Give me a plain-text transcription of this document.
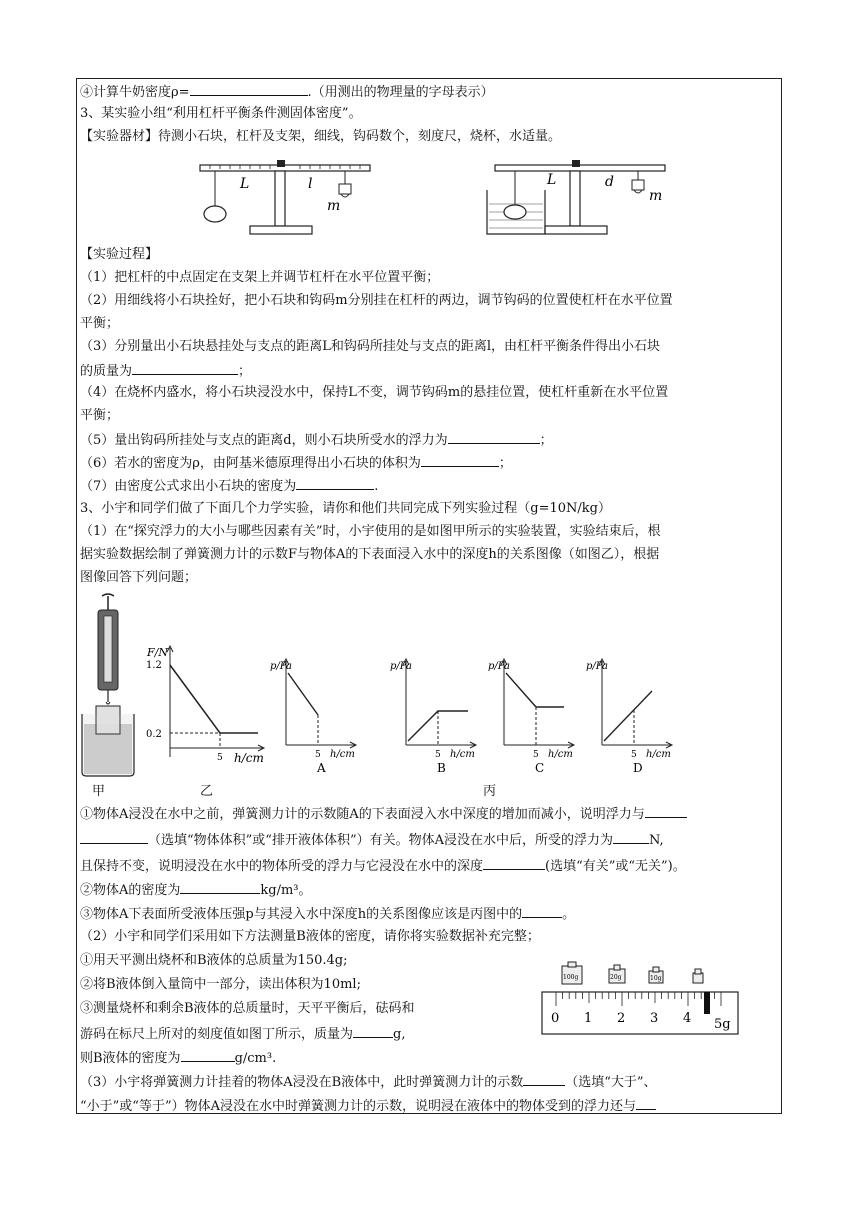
④计算牛奶密度ρ=	.（用测出的物理量的字母表示）
3、某实验小组“利用杠杆平衡条件测固体密度”。
【实验器材】待测小石块，杠杆及支架，细线，钩码数个，刻度尺，烧杯，水适量。
L	l
m
L	d
m
【实验过程】
（1）把杠杆的中点固定在支架上并调节杠杆在水平位置平衡；
（2）用细线将小石块拴好，把小石块和钩码m分别挂在杠杆的两边，调节钩码的位置使杠杆在水平位置
平衡；
（3）分别量出小石块悬挂处与支点的距离L和钩码所挂处与支点的距离l，由杠杆平衡条件得出小石块
的质量为	；
（4）在烧杯内盛水，将小石块浸没水中，保持L不变，调节钩码m的悬挂位置，使杠杆重新在水平位置
平衡；
（5）量出钩码所挂处与支点的距离d，则小石块所受水的浮力为	；
（6）若水的密度为ρ，由阿基米德原理得出小石块的体积为	；
（7）由密度公式求出小石块的密度为	.
3、小宇和同学们做了下面几个力学实验，请你和他们共同完成下列实验过程（g=10N/kg）
（1）在“探究浮力的大小与哪些因素有关”时，小宇使用的是如图甲所示的实验装置，实验结束后，根
据实验数据绘制了弹簧测力计的示数F与物体A的下表面浸入水中的深度h的关系图像（如图乙），根据
图像回答下列问题；
F/N
1.2
0.2
5 h/cm
p/Pa
5 h/cm
A
p/Pa
5 h/cm
B
p/Pa
5 h/cm
C
p/Pa
5 h/cm
D
甲	乙	丙
①物体A浸没在水中之前，弹簧测力计的示数随A的下表面浸入水中深度的增加而减小，说明浮力与
（选填“物体体积”或“排开液体体积”）有关。物体A浸没在水中后，所受的浮力为	N,
且保持不变，说明浸没在水中的物体所受的浮力与它浸没在水中的深度	(选填“有关”或“无关”)。
②物体A的密度为	kg/m³。
③物体A下表面所受液体压强p与其浸入水中深度h的关系图像应该是丙图中的	。
（2）小宇和同学们采用如下方法测量B液体的密度，请你将实验数据补充完整；
①用天平测出烧杯和B液体的总质量为150.4g;
②将B液体倒入量筒中一部分，读出体积为10ml;
③测量烧杯和剩余B液体的总质量时，天平平衡后，砝码和
游码在标尺上所对的刻度值如图丁所示，质量为	g,
则B液体的密度为	g/cm³.
（3）小宇将弹簧测力计挂着的物体A浸没在B液体中，此时弹簧测力计的示数	（选填“大于”、
“小于”或“等于”）物体A浸没在水中时弹簧测力计的示数，说明浸在液体中的物体受到的浮力还与
100g	20g	10g
0 1 2 3 4 5g
